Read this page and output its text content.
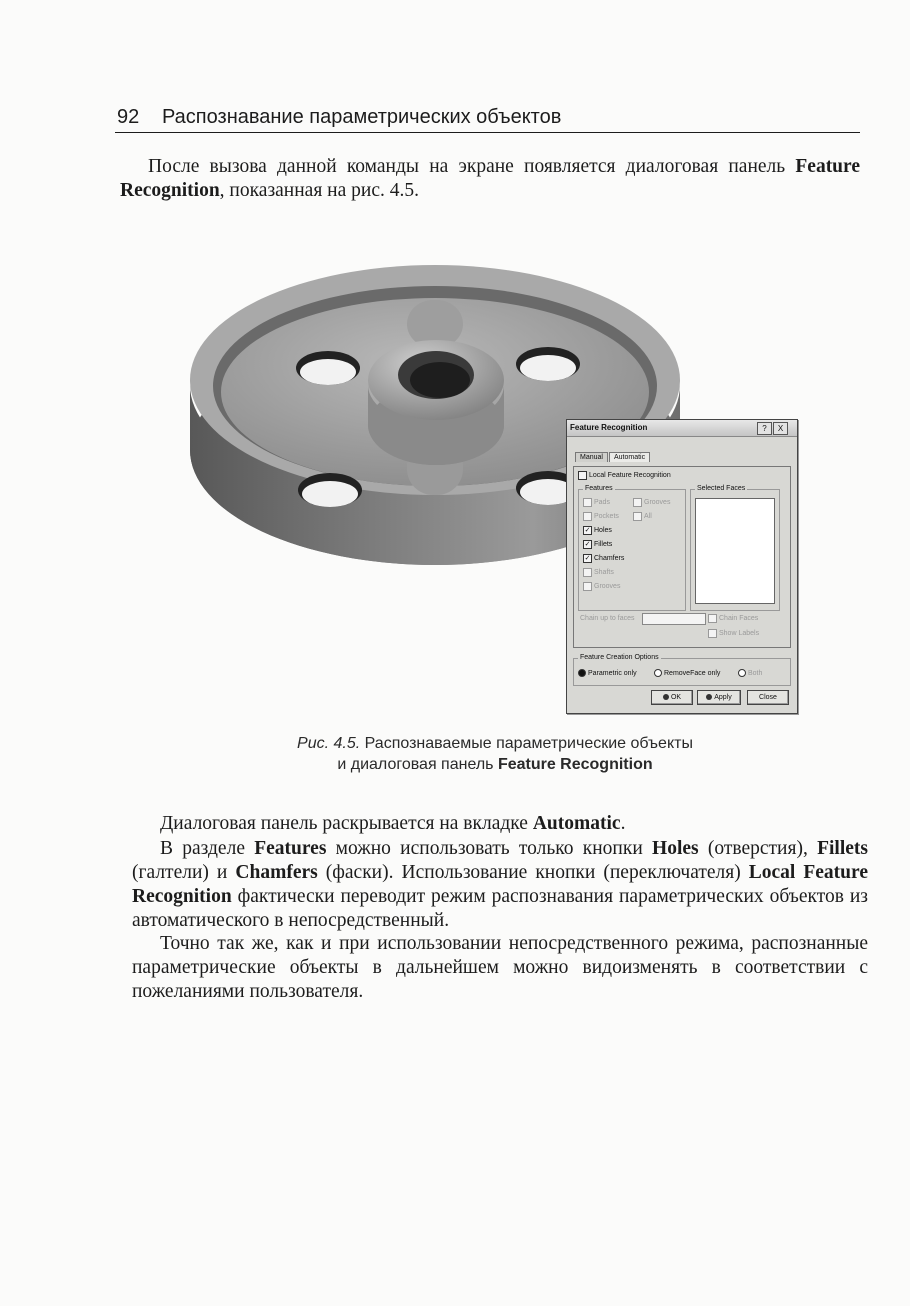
92 Распознавание параметрических объектов
После вызова данной команды на экране появляется диалоговая панель Feature Recognition, показанная на рис. 4.5.
Feature Recognition	?	X
Manual Automatic
Local Feature Recognition
Features
Pads	Grooves
Pockets	All
✓ Holes
✓ Fillets
✓ Chamfers
Shafts
Grooves
Selected Faces
Chain up to faces	Chain Faces
Show Labels
Feature Creation Options
Parametric only	RemoveFace only	Both
OK	Apply	Close
Рис. 4.5. Распознаваемые параметрические объекты
и диалоговая панель Feature Recognition
Диалоговая панель раскрывается на вкладке Automatic.
В разделе Features можно использовать только кнопки Holes (отверстия), Fillets (галтели) и Chamfers (фаски). Использование кнопки (переключателя) Local Feature Recognition фактически переводит режим распознавания параметрических объектов из автоматического в непосредственный.
Точно так же, как и при использовании непосредственного режима, распознанные параметрические объекты в дальнейшем можно видоизменять в соответствии с пожеланиями пользователя.
